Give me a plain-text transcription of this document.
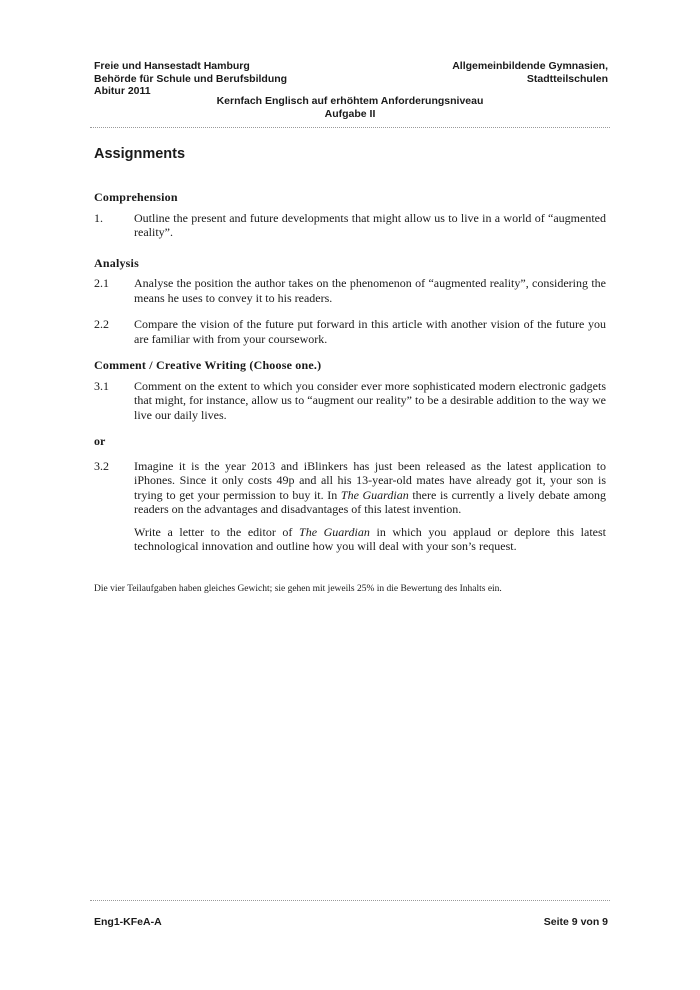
Freie und Hansestadt Hamburg
Behörde für Schule und Berufsbildung
Abitur 2011
Allgemeinbildende Gymnasien,
Stadtteilschulen
Kernfach Englisch auf erhöhtem Anforderungsniveau
Aufgabe II
Assignments
Comprehension
1.	Outline the present and future developments that might allow us to live in a world of “augmented reality”.
Analysis
2.1	Analyse the position the author takes on the phenomenon of “augmented reality”, considering the means he uses to convey it to his readers.
2.2	Compare the vision of the future put forward in this article with another vision of the future you are familiar with from your coursework.
Comment / Creative Writing (Choose one.)
3.1	Comment on the extent to which you consider ever more sophisticated modern electronic gadgets that might, for instance, allow us to “augment our reality” to be a desirable addition to the way we live our daily lives.
or
3.2	Imagine it is the year 2013 and iBlinkers has just been released as the latest application to iPhones. Since it only costs 49p and all his 13-year-old mates have already got it, your son is trying to get your permission to buy it. In The Guardian there is currently a lively debate among readers on the advantages and disadvantages of this latest invention.

Write a letter to the editor of The Guardian in which you applaud or deplore this latest technological innovation and outline how you will deal with your son’s request.

Die vier Teilaufgaben haben gleiches Gewicht; sie gehen mit jeweils 25% in die Bewertung des Inhalts ein.
Eng1-KFeA-A	Seite 9 von 9
